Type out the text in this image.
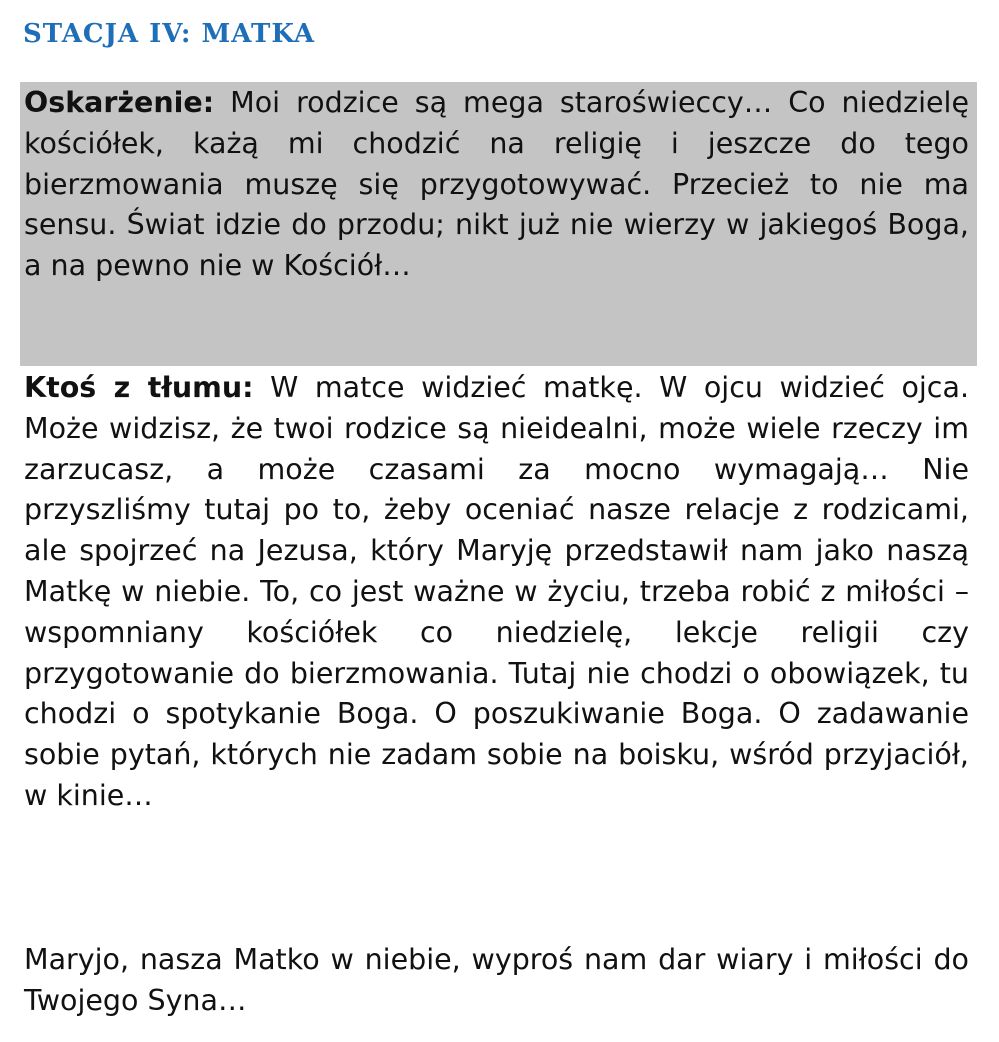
STACJA IV: MATKA

Oskarżenie: Moi rodzice są mega staroświeccy… Co niedzielę kościółek, każą mi chodzić na religię i jeszcze do tego bierzmowania muszę się przygotowywać. Przecież to nie ma sensu. Świat idzie do przodu; nikt już nie wierzy w jakiegoś Boga, a na pewno nie w Kościół…

Ktoś z tłumu: W matce widzieć matkę. W ojcu widzieć ojca. Może widzisz, że twoi rodzice są nieidealni, może wiele rzeczy im zarzucasz, a może czasami za mocno wymagają… Nie przyszliśmy tutaj po to, żeby oceniać nasze relacje z rodzicami, ale spojrzeć na Jezusa, który Maryję przedstawił nam jako naszą Matkę w niebie. To, co jest ważne w życiu, trzeba robić z miłości – wspomniany kościółek co niedzielę, lekcje religii czy przygotowanie do bierzmowania. Tutaj nie chodzi o obowiązek, tu chodzi o spotykanie Boga. O poszukiwanie Boga. O zadawanie sobie pytań, których nie zadam sobie na boisku, wśród przyjaciół, w kinie…

Maryjo, nasza Matko w niebie, wyproś nam dar wiary i miłości do Twojego Syna…
